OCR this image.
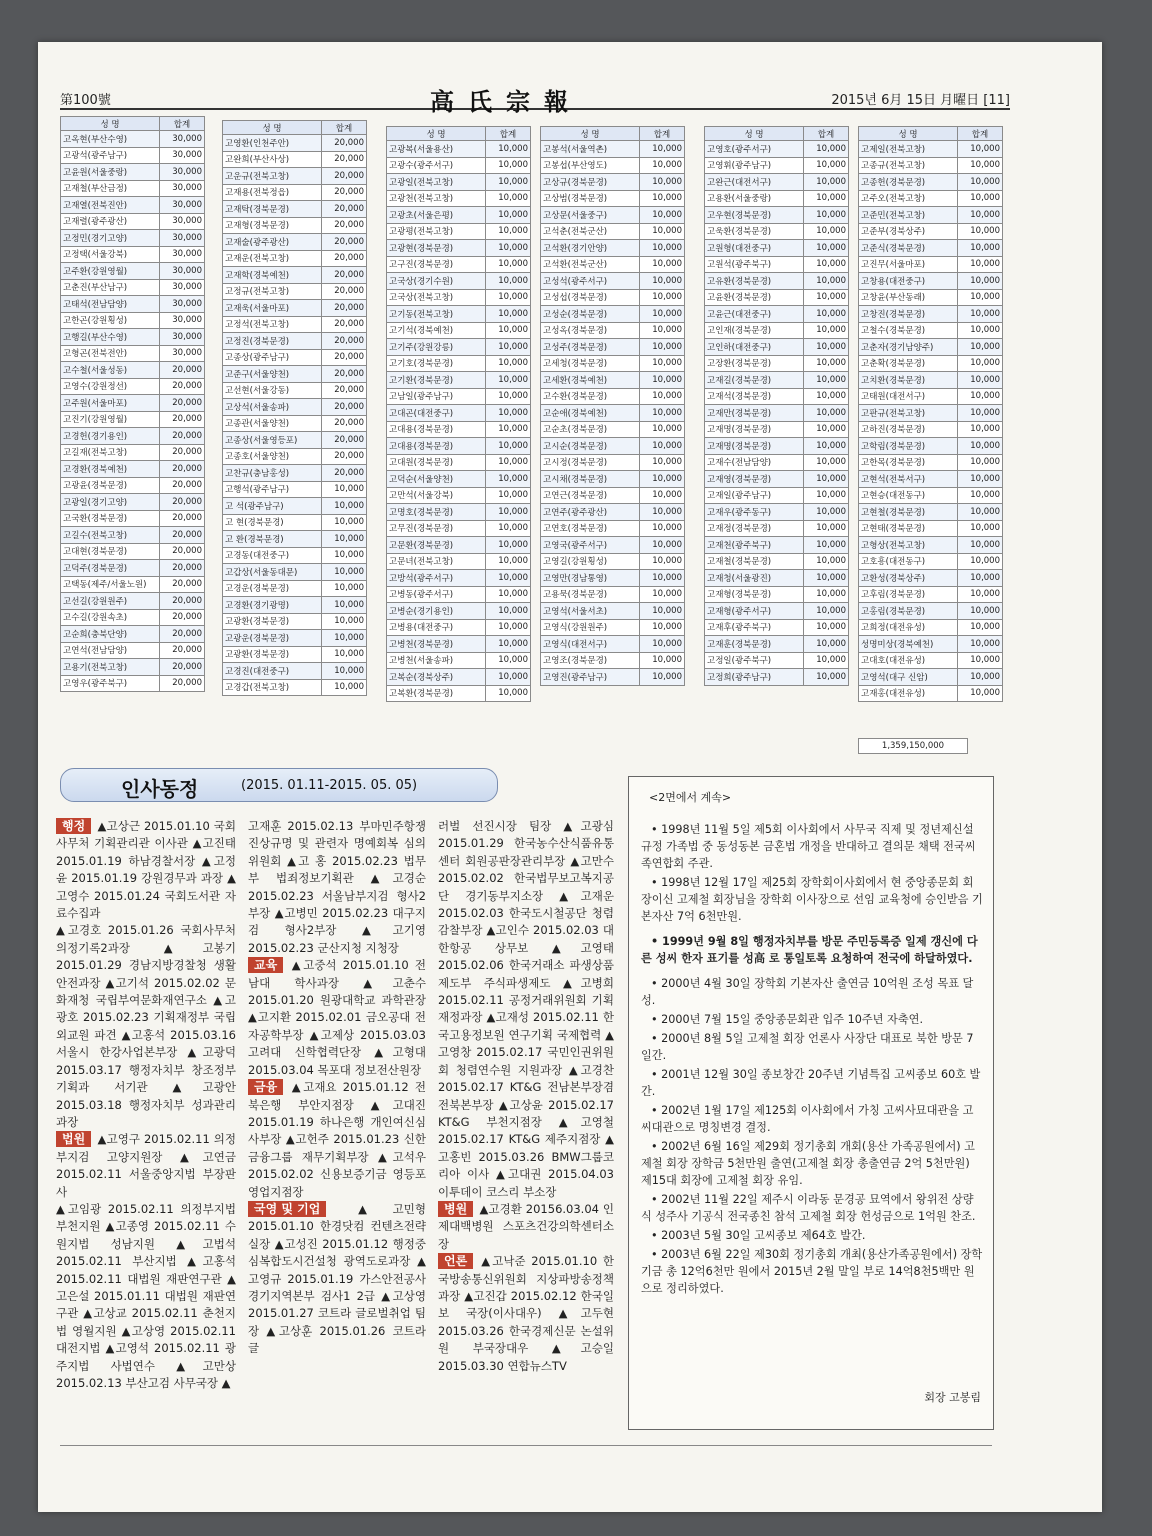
第100號	高氏宗報	2015년 6月 15日 月曜日 [11]
성 명	합계
고옥현(부산수영)	30,000
고광석(광주남구)	30,000
고윤원(서울중랑)	30,000
고재철(부산금정)	30,000
고재열(전북진안)	30,000
고재렬(광주광산)	30,000
고정민(경기고양)	30,000
고정택(서울강북)	30,000
고주환(강원영월)	30,000
고춘진(부산남구)	30,000
고태석(전남담양)	30,000
고한곤(강원횡성)	30,000
고행길(부산수영)	30,000
고형곤(전북전안)	30,000
고수철(서울성동)	20,000
고영수(강원정선)	20,000
고주원(서울마포)	20,000
고진기(강원영월)	20,000
고경헌(경기용인)	20,000
고길재(전북고창)	20,000
고경환(경북예천)	20,000
고광윤(경북문경)	20,000
고광일(경기고양)	20,000
고국환(경북문경)	20,000
고길수(전북고창)	20,000
고대현(경북문경)	20,000
고덕주(경북문경)	20,000
고택동(제주/서울노원)	20,000
고선길(강원원주)	20,000
고수길(강원속초)	20,000
고순희(충북단양)	20,000
고연석(전남담양)	20,000
고용기(전북고창)	20,000
고영우(광주북구)	20,000
성 명	합계
고영환(인천주안)	20,000
고완희(부산사상)	20,000
고운규(전북고창)	20,000
고재용(전북정읍)	20,000
고재탁(경북문경)	20,000
고재형(경북문경)	20,000
고재술(광주광산)	20,000
고재운(전북고창)	20,000
고재학(경북예천)	20,000
고정규(전북고창)	20,000
고재욱(서울마포)	20,000
고정석(전북고창)	20,000
고정진(경북문경)	20,000
고종상(광주남구)	20,000
고준구(서울양천)	20,000
고선현(서울강동)	20,000
고상석(서울송파)	20,000
고종관(서울양천)	20,000
고종상(서울영등포)	20,000
고종호(서울양천)	20,000
고찬규(충남홍성)	20,000
고행석(광주남구)	10,000
고 석(광주남구)	10,000
고 현(경북문경)	10,000
고 환(경북문경)	10,000
고경동(대전중구)	10,000
고갑상(서울동대문)	10,000
고경운(경북문경)	10,000
고경환(경기광명)	10,000
고광환(경북문경)	10,000
고광운(경북문경)	10,000
고광환(경북문경)	10,000
고경진(대전중구)	10,000
고경갑(전북고창)	10,000
성 명	합계
고광복(서울용산)	10,000
고광수(광주서구)	10,000
고광일(전북고창)	10,000
고광천(전북고창)	10,000
고광초(서울은평)	10,000
고광평(전북고창)	10,000
고광현(경북문경)	10,000
고구진(경북문경)	10,000
고국상(경기수원)	10,000
고국상(전북고창)	10,000
고기동(전북고창)	10,000
고기석(경북예천)	10,000
고기주(강원강릉)	10,000
고기호(경북문경)	10,000
고기환(경북문경)	10,000
고남일(광주남구)	10,000
고대곤(대전중구)	10,000
고대용(경북문경)	10,000
고대용(경북문경)	10,000
고대원(경북문경)	10,000
고덕순(서울양천)	10,000
고만석(서울강북)	10,000
고명호(경북문경)	10,000
고무진(경북문경)	10,000
고문환(경북문경)	10,000
고문녀(전북고창)	10,000
고방석(광주서구)	10,000
고병동(광주서구)	10,000
고병순(경기용인)	10,000
고병용(대전중구)	10,000
고병천(경북문경)	10,000
고병천(서울송파)	10,000
고복순(경북상주)	10,000
고복환(경북문경)	10,000
성 명	합계
고봉석(서울역촌)	10,000
고봉섭(부산영도)	10,000
고상규(경북문경)	10,000
고상범(경북문경)	10,000
고상문(서울중구)	10,000
고석춘(전북군산)	10,000
고석환(경기안양)	10,000
고석환(전북군산)	10,000
고성석(광주서구)	10,000
고성섭(경북문경)	10,000
고성순(경북문경)	10,000
고성옥(경북문경)	10,000
고성주(경북문경)	10,000
고세청(경북문경)	10,000
고세환(경북예천)	10,000
고수환(경북문경)	10,000
고순애(경북예천)	10,000
고순초(경북문경)	10,000
고시순(경북문경)	10,000
고시정(경북문경)	10,000
고시채(경북문경)	10,000
고연근(경북문경)	10,000
고연주(광주광산)	10,000
고연호(경북문경)	10,000
고영국(광주서구)	10,000
고영길(강원횡성)	10,000
고영만(경남통영)	10,000
고용묵(경북문경)	10,000
고영석(서울서초)	10,000
고영식(강원원주)	10,000
고영식(대전서구)	10,000
고영조(경북문경)	10,000
고영진(광주남구)	10,000
성 명	합계
고영호(광주서구)	10,000
고영휘(광주남구)	10,000
고완근(대전서구)	10,000
고용환(서울중랑)	10,000
고우현(경북문경)	10,000
고욱환(경북문경)	10,000
고원형(대전중구)	10,000
고원석(광주북구)	10,000
고유환(경북문경)	10,000
고윤환(경북문경)	10,000
고윤근(대전중구)	10,000
고인재(경북문경)	10,000
고인하(대전중구)	10,000
고장환(경북문경)	10,000
고재길(경북문경)	10,000
고재석(경북문경)	10,000
고재만(경북문경)	10,000
고재명(경북문경)	10,000
고재명(경북문경)	10,000
고재수(전남담양)	10,000
고재영(경북문경)	10,000
고재일(광주남구)	10,000
고재우(광주동구)	10,000
고재정(경북문경)	10,000
고재천(광주북구)	10,000
고재철(경북문경)	10,000
고재청(서울광진)	10,000
고재형(경북문경)	10,000
고재형(광주서구)	10,000
고재후(광주북구)	10,000
고재훈(경북문경)	10,000
고정일(광주북구)	10,000
고정희(광주남구)	10,000
성 명	합계
고제일(전북고창)	10,000
고종규(전북고창)	10,000
고종헌(경북문경)	10,000
고주오(전북고창)	10,000
고준민(전북고창)	10,000
고준부(경북상주)	10,000
고준식(경북문경)	10,000
고진무(서울마포)	10,000
고창용(대전중구)	10,000
고창윤(부산동래)	10,000
고창진(경북문경)	10,000
고철수(경북문경)	10,000
고춘자(경기남양주)	10,000
고춘확(경북문경)	10,000
고치환(경북문경)	10,000
고태원(대전서구)	10,000
고판규(전북고창)	10,000
고하진(경북문경)	10,000
고학림(경북문경)	10,000
고한목(경북문경)	10,000
고현석(전북서구)	10,000
고현승(대전동구)	10,000
고현철(경북문경)	10,000
고현태(경북문경)	10,000
고형상(전북고창)	10,000
고호흥(대전동구)	10,000
고환성(경북상주)	10,000
고후림(경북문경)	10,000
고홍림(경북문경)	10,000
고희정(대전유성)	10,000
성명미상(경북예천)	10,000
고대호(대전유성)	10,000
고영석(대구 신암)	10,000
고재홍(대전유성)	10,000
1,359,150,000
인사동정	(2015. 01.11-2015. 05. 05)

행정 ▲고상근 2015.01.10 국회사무처 기획관리관 이사관 ▲고진태 2015.01.19 하남경찰서장 ▲고정윤 2015.01.19 강원경무과 과장 ▲고영수 2015.01.24 국회도서관 자료수집과

▲고경호 2015.01.26 국회사무처 의정기록2과장 ▲고봉기 2015.01.29 경남지방경찰청 생활안전과장 ▲고기석 2015.02.02 문화재청 국립부여문화재연구소 ▲고광호 2015.02.23 기획재정부 국립외교원 파견 ▲고홍석 2015.03.16 서울시 한강사업본부장 ▲고광덕 2015.03.17 행정자치부 창조정부기획과 서기관 ▲고광안 2015.03.18 행정자치부 성과관리과장

법원 ▲고영구 2015.02.11 의정부지검 고양지원장 ▲고연금 2015.02.11 서울중앙지법 부장판사

▲고임광 2015.02.11 의정부지법 부천지원 ▲고종영 2015.02.11 수원지법 성남지원 ▲고법석 2015.02.11 부산지법 ▲고홍석 2015.02.11 대법원 재판연구관 ▲고은설 2015.01.11 대법원 재판연구관 ▲고상교 2015.02.11 춘천지법 영월지원 ▲고상영 2015.02.11 대전지법 ▲고영석 2015.02.11 광주지법 사법연수 ▲고만상 2015.02.13 부산고검 사무국장 ▲

고재훈 2015.02.13 부마민주항쟁진상규명 및 관련자 명예회복 심의위원회 ▲고 홍 2015.02.23 법무부 법죄정보기획관 ▲고경순 2015.02.23 서울남부지검 형사2부장 ▲고병민 2015.02.23 대구지검 형사2부장 ▲고기영 2015.02.23 군산지청 지청장

교육 ▲고중석 2015.01.10 전남대 학사과장 ▲고춘수 2015.01.20 원광대학교 과학관장 ▲고지환 2015.02.01 금오공대 전자공학부장 ▲고제상 2015.03.03 고려대 신학협력단장 ▲고형대 2015.03.04 목포대 정보전산원장

금융 ▲고재요 2015.01.12 전북은행 부안지점장 ▲고대진 2015.01.19 하나은행 개인여신심사부장 ▲고헌주 2015.01.23 신한금융그룹 재무기획부장 ▲고석우 2015.02.02 신용보증기금 영등포 영업지점장

국영 및 기업 ▲고민형 2015.01.10 한경닷컴 컨텐츠전략실장 ▲고성진 2015.01.12 행정중심복합도시건설청 광역도로과장 ▲고영규 2015.01.19 가스안전공사 경기지역본부 검사1 2급 ▲고상영 2015.01.27 코트라 글로벌취업 팀장 ▲고상훈 2015.01.26 코트라 글

러벌 선진시장 팀장 ▲고광심 2015.01.29 한국농수산식품유통센터 회원공판장관리부장 ▲고만수 2015.02.02 한국법무보고복지공단 경기동부지소장 ▲고재운 2015.02.03 한국도시철공단 청렴감찰부장 ▲고인수 2015.02.03 대한항공 상무보 ▲고영태 2015.02.06 한국거래소 파생상품제도부 주식파생제도 ▲고병희 2015.02.11 공정거래위원회 기획재정과장 ▲고재성 2015.02.11 한국고용정보원 연구기획 국제협력 ▲고영창 2015.02.17 국민인권위원회 청렴연수원 지원과장 ▲고경찬 2015.02.17 KT&G 전남본부장겸 전북본부장 ▲고상윤 2015.02.17 KT&G 부천지점장 ▲고영철 2015.02.17 KT&G 제주지점장 ▲고홍빈 2015.03.26 BMW그룹코리아 이사 ▲고대권 2015.04.03 이투데이 코스리 부소장

병원 ▲고경환 20156.03.04 인제대백병원 스포츠건강의학센터소장

언론 ▲고낙준 2015.01.10 한국방송통신위원회 지상파방송정책과장 ▲고진갑 2015.02.12 한국일보 국장(이사대우) ▲고두현 2015.03.26 한국경제신문 논설위원 부국장대우 ▲고승일 2015.03.30 연합뉴스TV

<2면에서 계속>

• 1998년 11월 5일 제5회 이사회에서 사무국 직제 및 정년제신설 규정 가족법 중 동성동본 금혼법 개정을 반대하고 결의문 채택 전국씨족연합회 주관.

• 1998년 12월 17일 제25회 장학회이사회에서 현 중앙종문회 회장이신 고제철 회장님을 장학회 이사장으로 선임 교육청에 승인받음 기본자산 7억 6천만원.

• 1999년 9월 8일 행정자치부를 방문 주민등록증 일제 갱신에 다른 성씨 한자 표기를 성高 로 통일토록 요청하여 전국에 하달하였다.

• 2000년 4월 30일 장학회 기본자산 출연금 10억원 조성 목표 달성.

• 2000년 7월 15일 중앙종문회관 입주 10주년 자축연.

• 2000년 8월 5일 고제철 회장 언론사 사장단 대표로 북한 방문 7일간.

• 2001년 12월 30일 종보창간 20주년 기념특집 고씨종보 60호 발간.

• 2002년 1월 17일 제125회 이사회에서 가칭 고씨사묘대관을 고씨대관으로 명칭변경 결정.

• 2002년 6월 16일 제29회 정기총회 개회(용산 가족공원에서) 고제철 회장 장학금 5천만원 출연(고제철 회장 총출연금 2억 5천만원) 제15대 회장에 고제철 회장 유임.

• 2002년 11월 22일 제주시 이라동 문경공 묘역에서 왕위전 상량식 성주사 기공식 전국종친 참석 고제철 회장 헌성금으로 1억원 찬조.

• 2003년 5월 30일 고씨종보 제64호 발간.

• 2003년 6월 22일 제30회 정기총회 개최(용산가족공원에서) 장학기금 총 12억6천만 원에서 2015년 2월 말일 부로 14억8천5백만 원으로 정리하였다.

회장 고봉림
